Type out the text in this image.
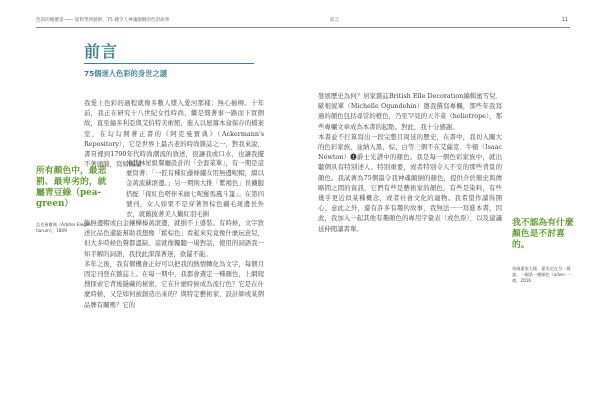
色彩的履歷書 ─── 從科學到藝術，75 種令人神魂顛倒的色彩故事	前言	11
前言
75個迷人色彩的身世之謎

我愛上色彩的過程就像多數人墜入愛河那樣：無心插柳。十年前，我正在研究十八世紀女性時尚，繼是閱著事一路而下買個故，直至撞多利亞與艾伯特美術館，進入以屋簷本盒保存的檔案室，在勾勾開著正書的《阿克曼寶典》（Ackermann's Repository），它是世界上最古老的時尚雜誌之一，對我來說，書頁裡到1790年代時尚潮流的敘述，很讓我或口水，也讓我擺不著頭腦，寫如關讀

所有顏色中，最悲罰、最卑劣的，就屬青豆綠（pea-green）
亞克曼寶典《Arbiter Elegan- tiarum》，1809

米其林星級餐廳設計的「全套菜單」，有一期是這麼寫著：「一匠有種紅藤條繡女用無邊呢帽，綴以金黃流蘇滾邊。」另一期則大推「紫褐色」長襪服搭配「探紅色嗒伴禾廊七呢羅馬風斗篷」。在第四號刊，女人如果不是穿著智棕色襯毛斑邊長外衣，就舊披著美人鶴紅羽毛圍

飾無邊帽或白金鑲樺榛黃滾邊，就損不上盛裝。有時候，文字敘述比品色還能幫助我想像「鬆棕色」看起來究竟像什麼玩意兒，但大多時候色聲都溫缺。這就像獨聽一場對話，使用的詞語我一知半解的詞語，我找此深深著迷，欲罷不能。
多年之後，我有個機會正好可以把我的熱情轉化為文字，每個月固定刊登在雜誌上。在每一期中，我都會選定一種顏色，上網爬搜探索它背後隱藏的秘密，它在什麼時候成為流行色？它是在什麼時候、又是如何被創造出來的？與特定藝術家、設計師或某個品牌有關嗎？它的

發展歷史為何？居家雜誌British Elle Decoration編輯蜜雪兒．歐根妮單（Michelle Ogundehin）邀我撰寫專欄，那些年我寫過的顏色包括尋常的橙色，乃至罕見的天芥菜（heliotrope），那些專欄文章成為本書的起點。對此，我十分感謝。
本書並不打算寫出一段完整且周延的歷史，在書中，我切入關大的色彩家族，並納入黑、棕、白等三個不在艾薩克．牛頓（Isaac Newton）❶爵士光譜中的顏色。我是每一個色彩家族中，就出聽個具有特別述人、特別重要，或者特別令人不安的那些背景的顏色。我試著為75個最令我神魂顛倒的顏色，提供介於簡史與傳略間之間的資訊，它們有些是藝術家的顏色，有些是染料，有些幾乎更近似某種概念，或者社會文化的連物。我希望作讀得開心、意此之外，還有許多有趣的故事，我無法一一寫進本書，因此，我加入一起其他有趣顏色的專用字彙表（或色票），以及建議延伸閱讀書單。

我不認為有什麼顏色是不討喜的。
英國畫家大衛．霍克尼在另一篇談，一幅第一種顏色（alive）一商，2016
